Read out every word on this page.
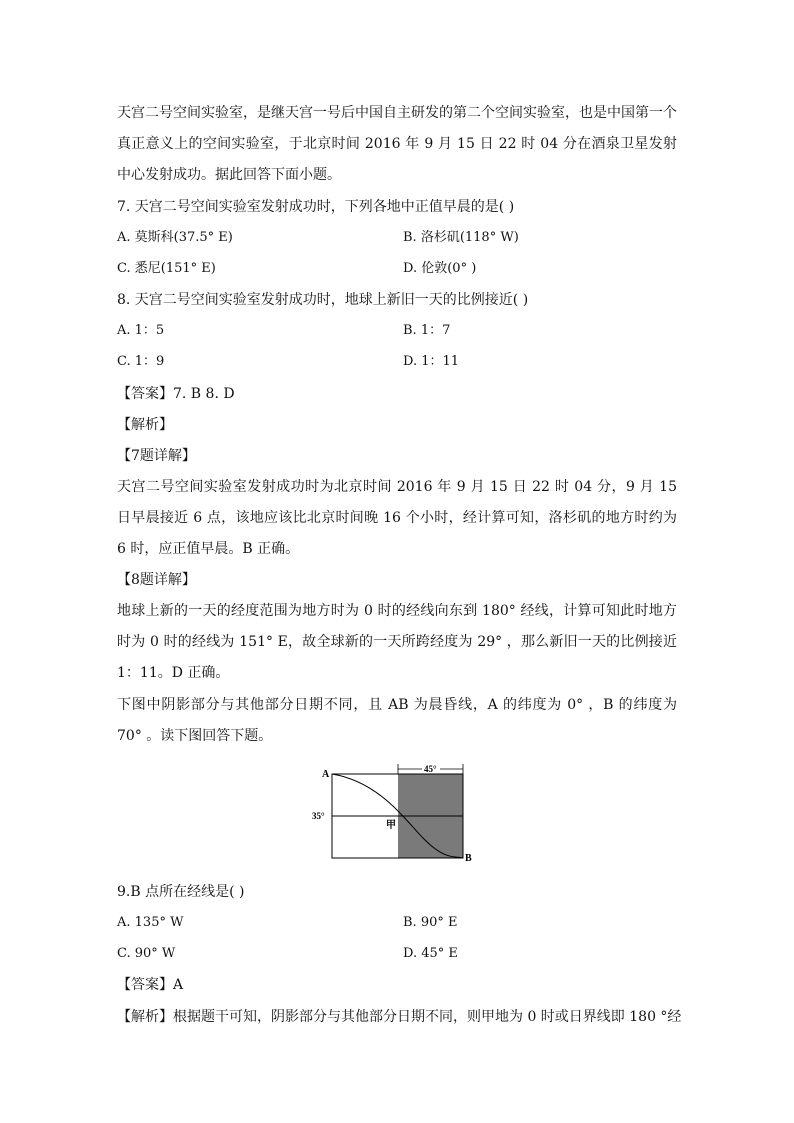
天宫二号空间实验室，是继天宫一号后中国自主研发的第二个空间实验室，也是中国第一个真正意义上的空间实验室，于北京时间 2016 年 9 月 15 日 22 时 04 分在酒泉卫星发射中心发射成功。据此回答下面小题。

7. 天宫二号空间实验室发射成功时，下列各地中正值早晨的是( )
A. 莫斯科(37.5° E)	B. 洛杉矶(118° W)
C. 悉尼(151° E)	D. 伦敦(0° )
8. 天宫二号空间实验室发射成功时，地球上新旧一天的比例接近( )
A. 1：5	B. 1：7
C. 1：9	D. 1：11
【答案】7. B 8. D
【解析】
【7题详解】

天宫二号空间实验室发射成功时为北京时间 2016 年 9 月 15 日 22 时 04 分，9 月 15 日早晨接近 6 点，该地应该比北京时间晚 16 个小时，经计算可知，洛杉矶的地方时约为 6 时，应正值早晨。B 正确。

【8题详解】

地球上新的一天的经度范围为地方时为 0 时的经线向东到 180° 经线，计算可知此时地方时为 0 时的经线为 151° E，故全球新的一天所跨经度为 29° ，那么新旧一天的比例接近 1：11。D 正确。

下图中阴影部分与其他部分日期不同，且 AB 为晨昏线，A 的纬度为 0° ，B 的纬度为 70° 。读下图回答下题。

45°
A
B
35°
甲
9.B 点所在经线是( )
A. 135° W	B. 90° E
C. 90° W	D. 45° E
【答案】A
【解析】根据题干可知，阴影部分与其他部分日期不同，则甲地为 0 时或日界线即 180 °经
